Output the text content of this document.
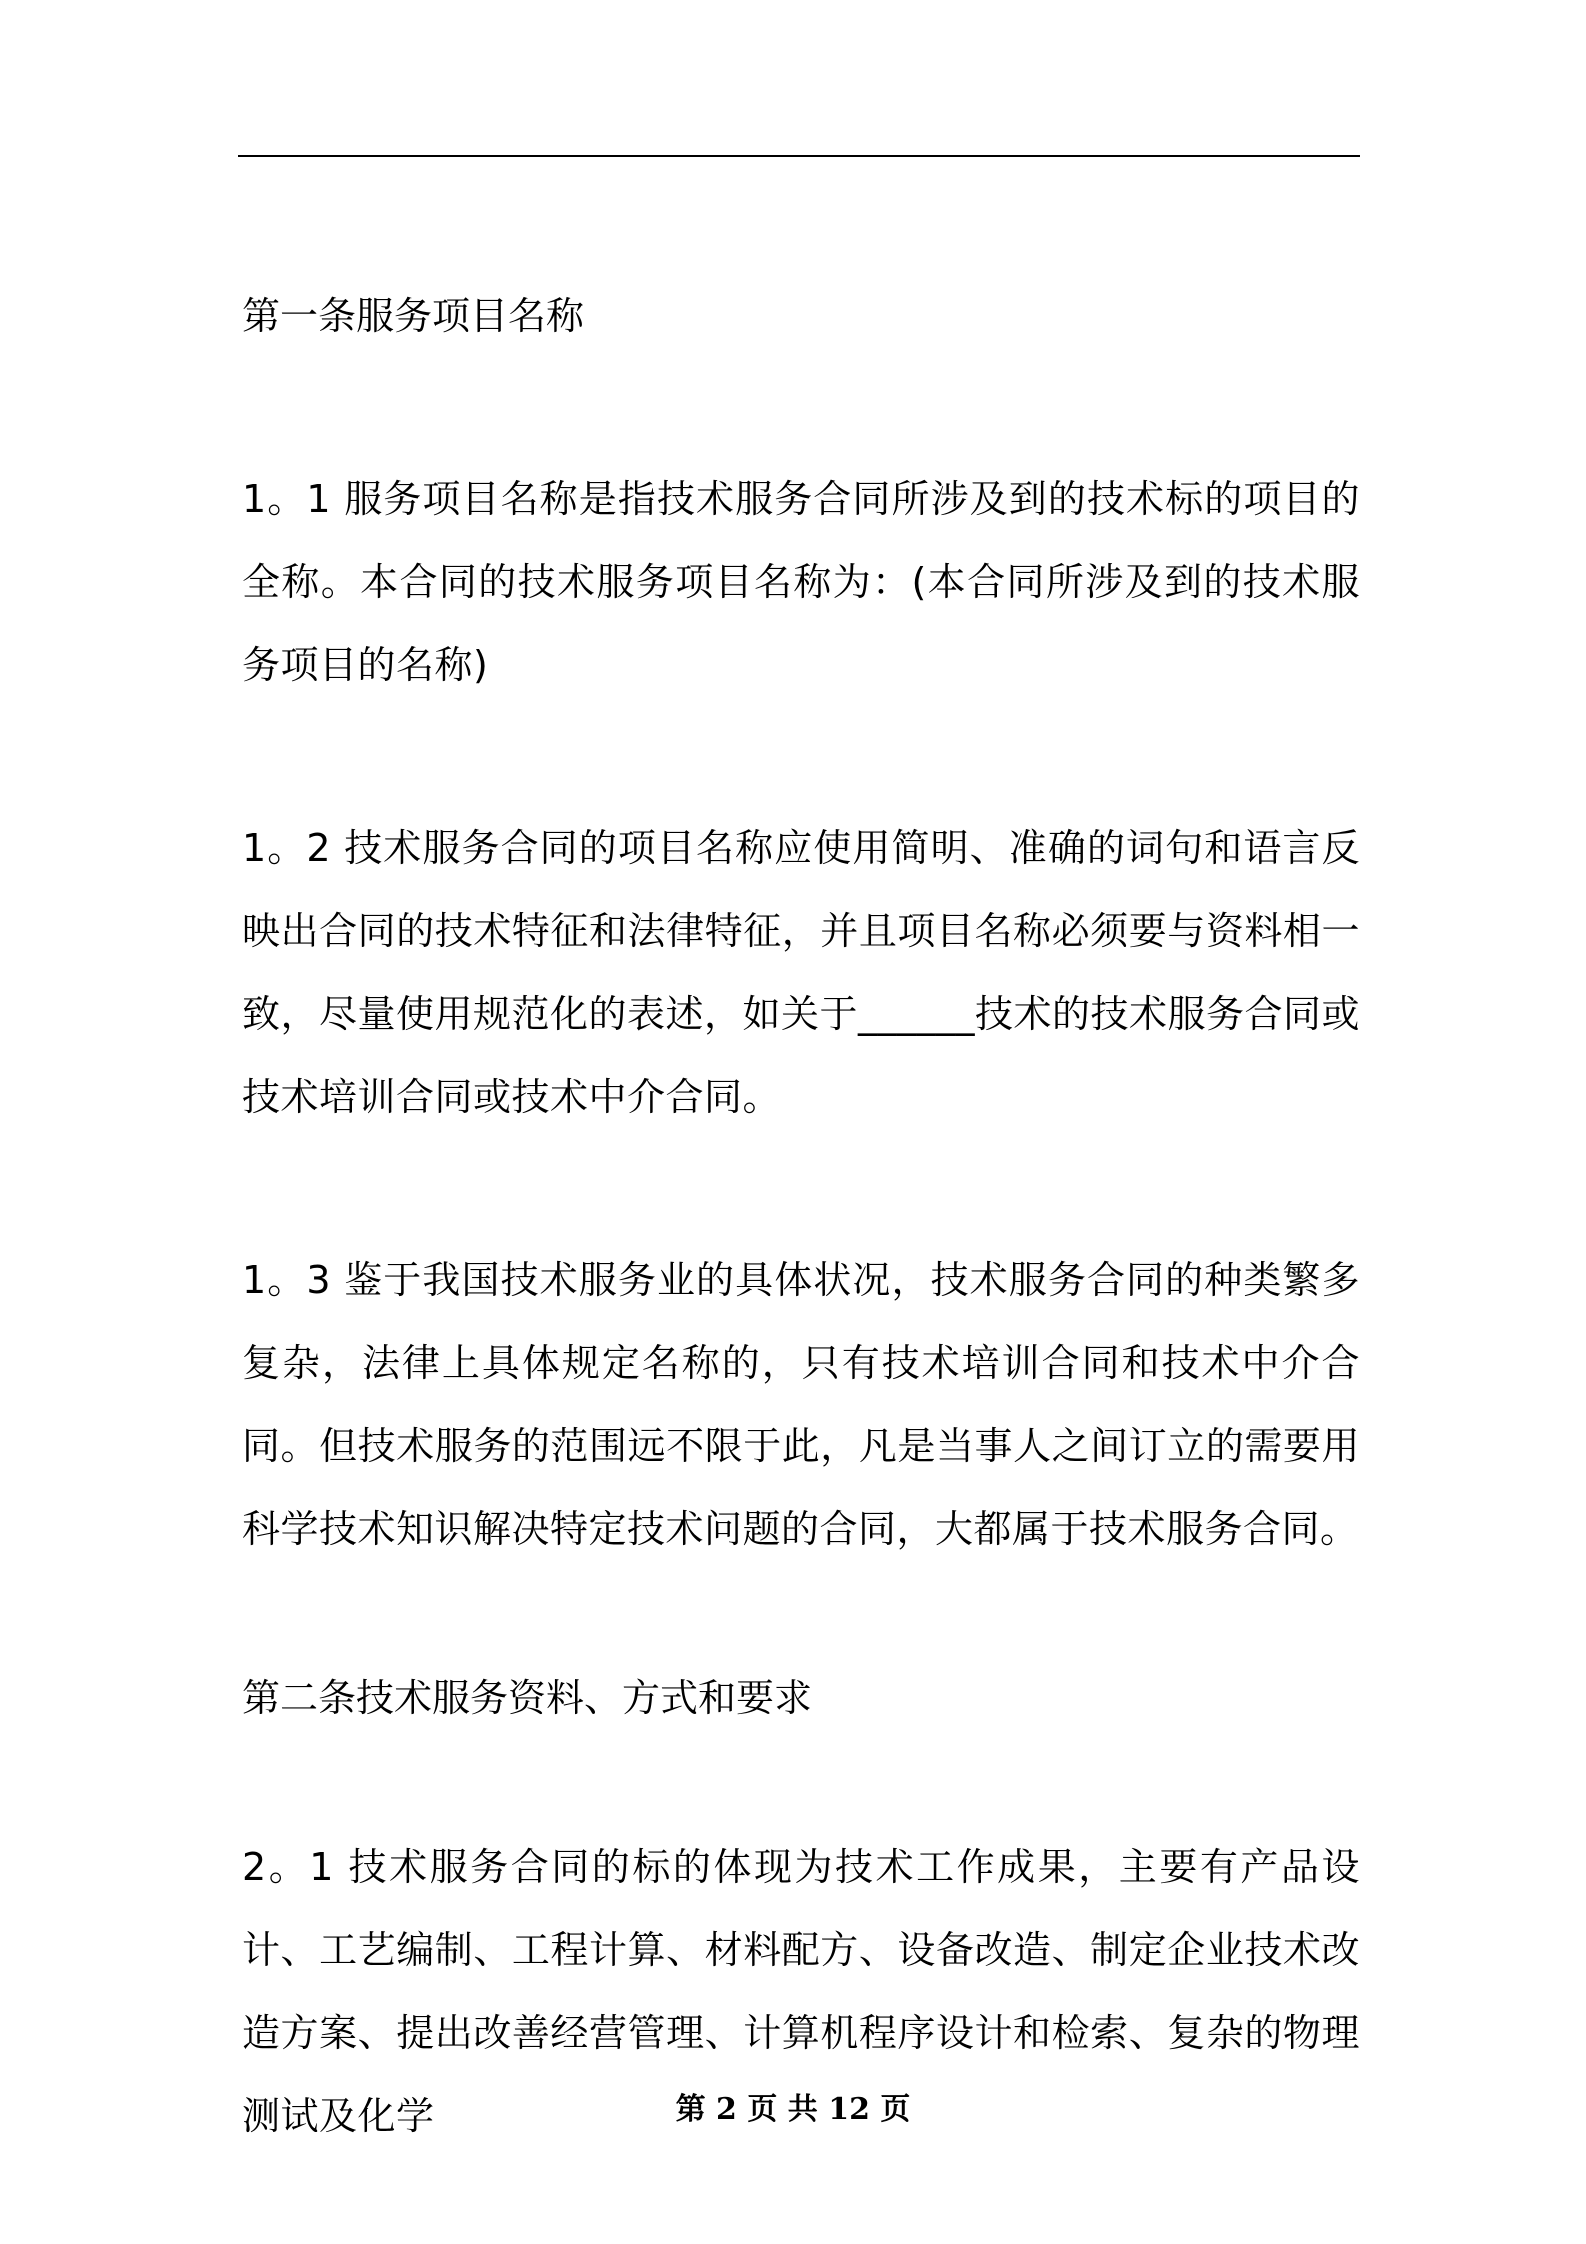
第一条服务项目名称

1。1 服务项目名称是指技术服务合同所涉及到的技术标的项目的全称。本合同的技术服务项目名称为：(本合同所涉及到的技术服务项目的名称)

1。2 技术服务合同的项目名称应使用简明、准确的词句和语言反映出合同的技术特征和法律特征，并且项目名称必须要与资料相一致，尽量使用规范化的表述，如关于______技术的技术服务合同或技术培训合同或技术中介合同。

1。3 鉴于我国技术服务业的具体状况，技术服务合同的种类繁多复杂，法律上具体规定名称的，只有技术培训合同和技术中介合同。但技术服务的范围远不限于此，凡是当事人之间订立的需要用科学技术知识解决特定技术问题的合同，大都属于技术服务合同。

第二条技术服务资料、方式和要求

2。1 技术服务合同的标的体现为技术工作成果，主要有产品设计、工艺编制、工程计算、材料配方、设备改造、制定企业技术改造方案、提出改善经营管理、计算机程序设计和检索、复杂的物理测试及化学	第 2 页 共 12 页
